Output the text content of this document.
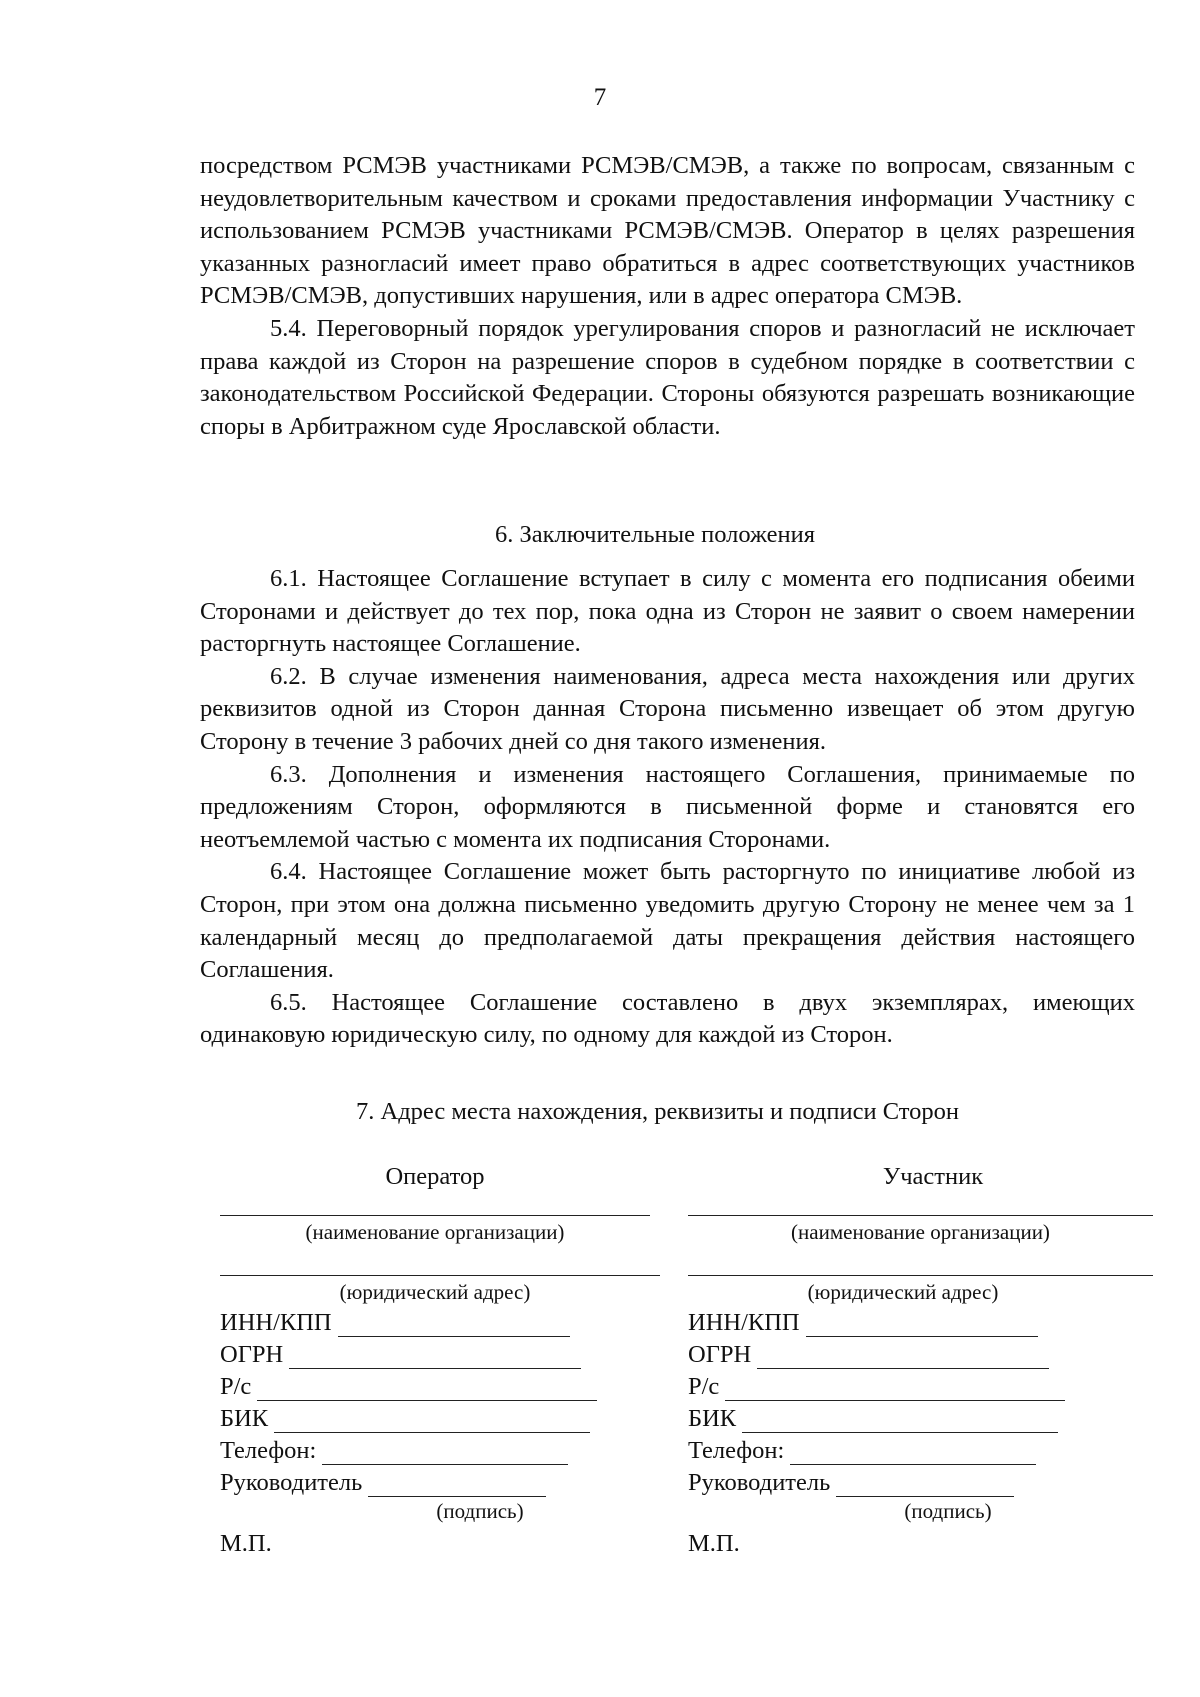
7

посредством РСМЭВ участниками РСМЭВ/СМЭВ, а также по вопросам, связанным с неудовлетворительным качеством и сроками предоставления информации Участнику с использованием РСМЭВ участниками РСМЭВ/СМЭВ. Оператор в целях разрешения указанных разногласий имеет право обратиться в адрес соответствующих участников РСМЭВ/СМЭВ, допустивших нарушения, или в адрес оператора СМЭВ.

5.4. Переговорный порядок урегулирования споров и разногласий не исключает права каждой из Сторон на разрешение споров в судебном порядке в соответствии с законодательством Российской Федерации. Стороны обязуются разрешать возникающие споры в Арбитражном суде Ярославской области.

6. Заключительные положения

6.1. Настоящее Соглашение вступает в силу с момента его подписания обеими Сторонами и действует до тех пор, пока одна из Сторон не заявит о своем намерении расторгнуть настоящее Соглашение.

6.2. В случае изменения наименования, адреса места нахождения или других реквизитов одной из Сторон данная Сторона письменно извещает об этом другую Сторону в течение 3 рабочих дней со дня такого изменения.

6.3. Дополнения и изменения настоящего Соглашения, принимаемые по предложениям Сторон, оформляются в письменной форме и становятся его неотъемлемой частью с момента их подписания Сторонами.

6.4. Настоящее Соглашение может быть расторгнуто по инициативе любой из Сторон, при этом она должна письменно уведомить другую Сторону не менее чем за 1 календарный месяц до предполагаемой даты прекращения действия настоящего Соглашения.

6.5. Настоящее Соглашение составлено в двух экземплярах, имеющих одинаковую юридическую силу, по одному для каждой из Сторон.

7. Адрес места нахождения, реквизиты и подписи Сторон
Оператор
(наименование организации)
(юридический адрес)
ИНН/КПП
ОГРН
Р/с
БИК
Телефон:
Руководитель
(подпись)
М.П.
Участник
(наименование организации)
(юридический адрес)
ИНН/КПП
ОГРН
Р/с
БИК
Телефон:
Руководитель
(подпись)
М.П.
